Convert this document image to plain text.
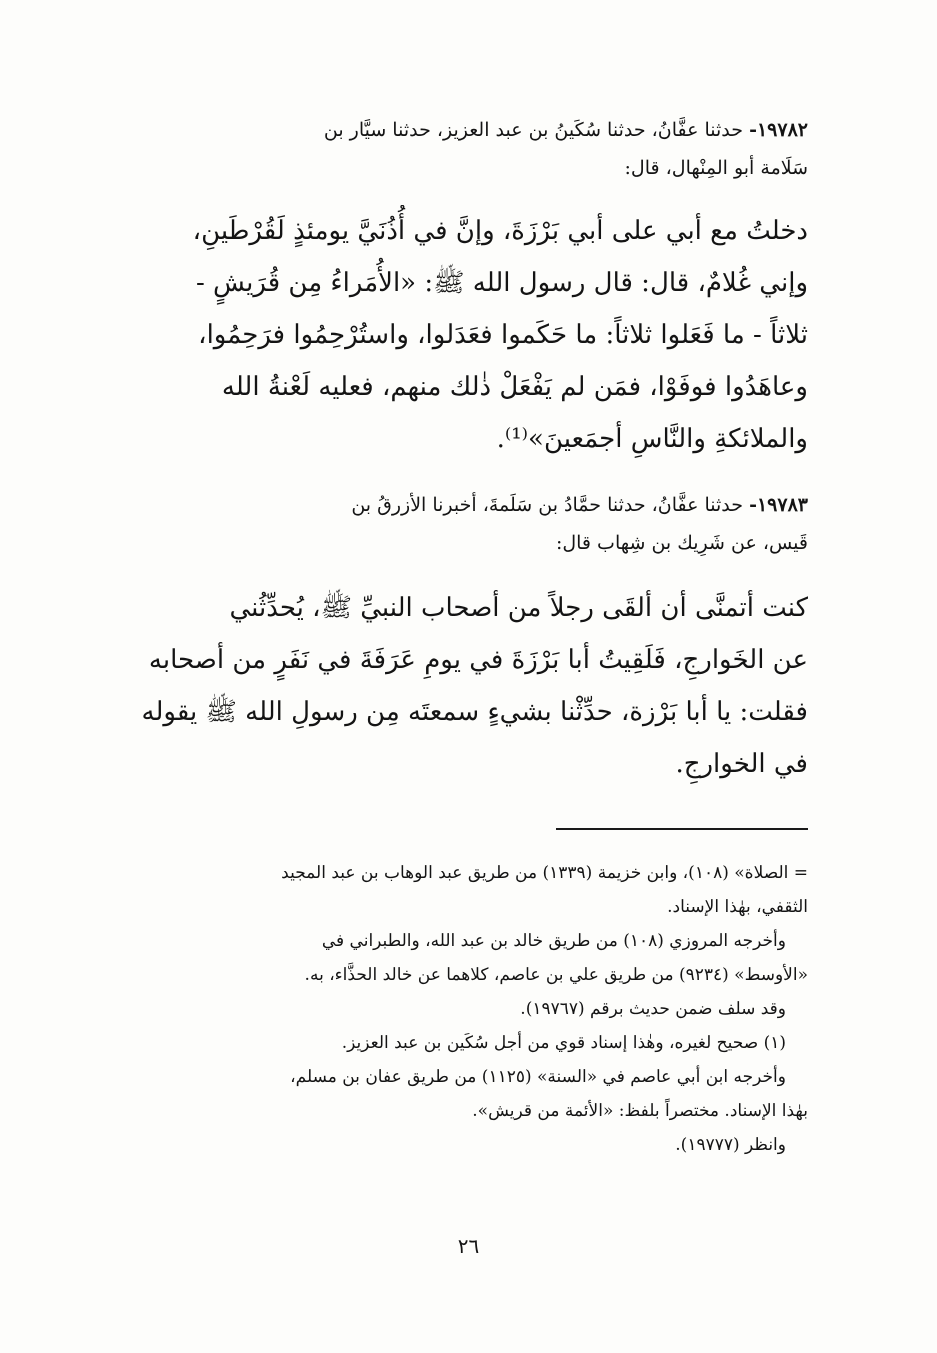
١٩٧٨٢- حدثنا عفَّانُ، حدثنا سُكَينُ بن عبد العزيز، حدثنا سيَّار بن
سَلَامة أبو المِنْهال، قال:
دخلتُ مع أبي على أبي بَرْزَةَ، وإنَّ في أُذُنَيَّ يومئذٍ لَقُرْطَينِ،
وإني غُلامٌ، قال: قال رسول الله ﷺ: «الأُمَراءُ مِن قُرَيشٍ -
ثلاثاً - ما فَعَلوا ثلاثاً: ما حَكَموا فعَدَلوا، واستُرْحِمُوا فرَحِمُوا،
وعاهَدُوا فوفَوْا، فمَن لم يَفْعَلْ ذٰلك منهم، فعليه لَعْنةُ الله
والملائكةِ والنَّاسِ أجمَعينَ»⁽¹⁾.
١٩٧٨٣- حدثنا عفَّانُ، حدثنا حمَّادُ بن سَلَمةَ، أخبرنا الأزرقُ بن
قَيس، عن شَرِيك بن شِهاب قال:
كنت أتمنَّى أن ألقَى رجلاً من أصحاب النبيِّ ﷺ، يُحدِّثُني
عن الخَوارجِ، فَلَقِيتُ أبا بَرْزَةَ في يومِ عَرَفَةَ في نَفَرٍ من أصحابه
فقلت: يا أبا بَرْزة، حدِّثْنا بشيءٍ سمعتَه مِن رسولِ الله ﷺ يقوله
في الخوارجِ.
= الصلاة» (١٠٨)، وابن خزيمة (١٣٣٩) من طريق عبد الوهاب بن عبد المجيد
الثقفي، بهٰذا الإسناد.
وأخرجه المروزي (١٠٨) من طريق خالد بن عبد الله، والطبراني في
«الأوسط» (٩٢٣٤) من طريق علي بن عاصم، كلاهما عن خالد الحذَّاء، به.
وقد سلف ضمن حديث برقم (١٩٧٦٧).
(١) صحيح لغيره، وهٰذا إسناد قوي من أجل سُكَين بن عبد العزيز.
وأخرجه ابن أبي عاصم في «السنة» (١١٢٥) من طريق عفان بن مسلم،
بهٰذا الإسناد. مختصراً بلفظ: «الأئمة من قريش».
وانظر (١٩٧٧٧).
٢٦
